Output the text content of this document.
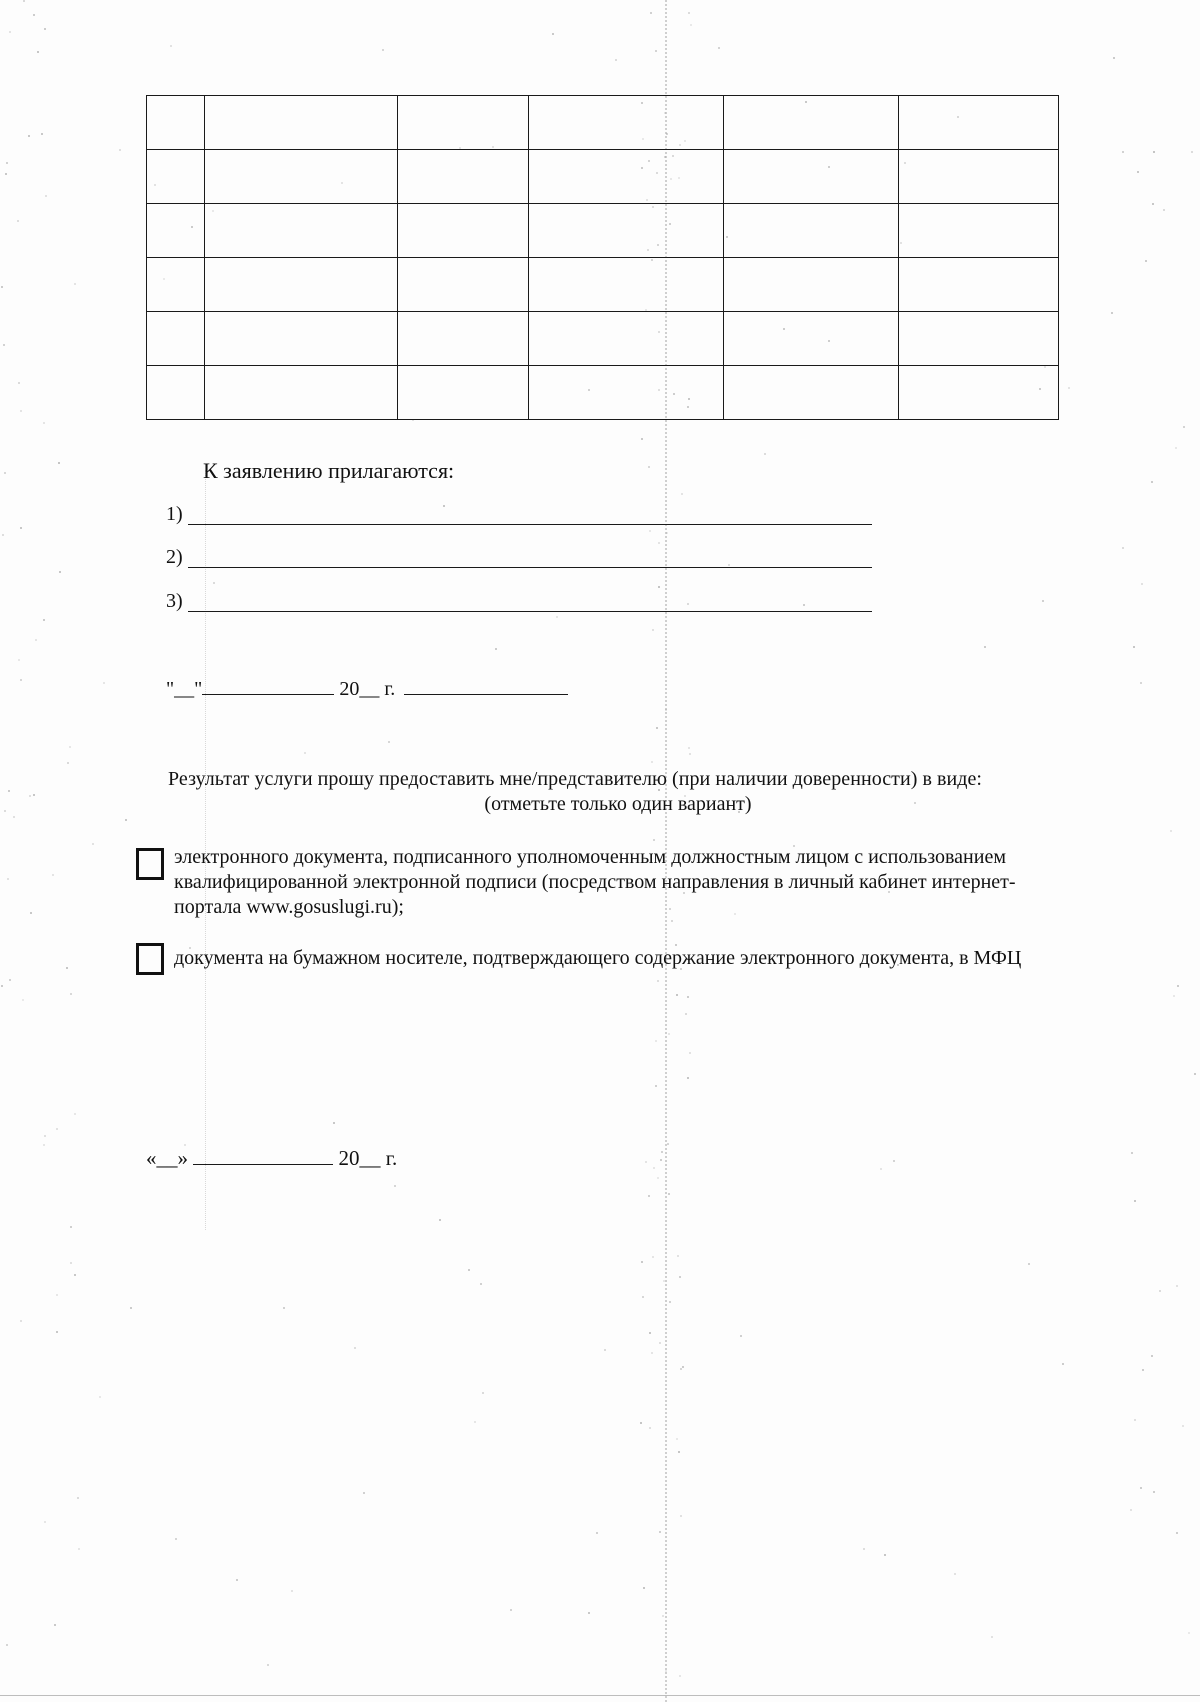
К заявлению прилагаются:
1)
2)
3)
"__"	20__ г.
Результат услуги прошу предоставить мне/представителю (при наличии доверенности) в виде:
(отметьте только один вариант)
электронного документа, подписанного уполномоченным должностным лицом с использованием
квалифицированной электронной подписи (посредством направления в личный кабинет интернет-
портала www.gosuslugi.ru);
документа на бумажном носителе, подтверждающего содержание электронного документа, в МФЦ
«__»	20__ г.
